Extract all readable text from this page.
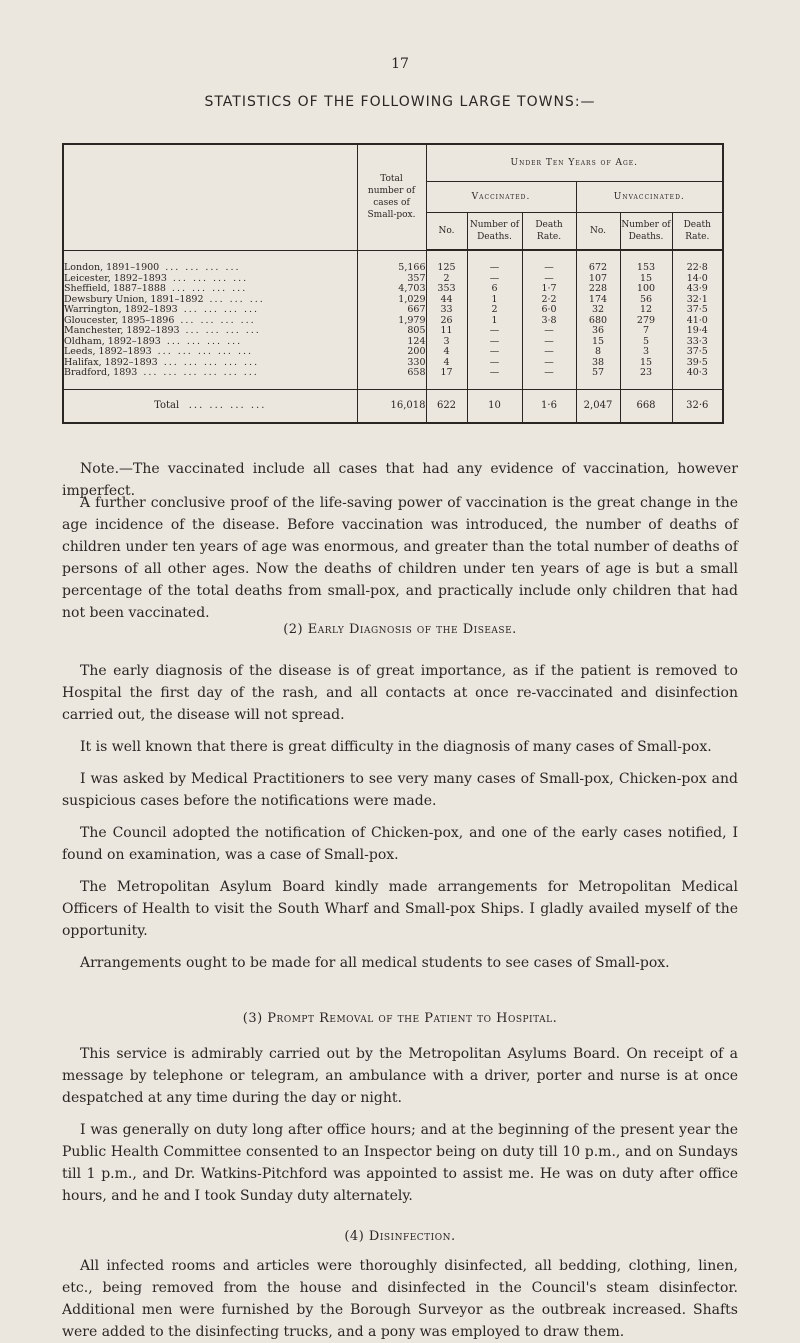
17
STATISTICS OF THE FOLLOWING LARGE TOWNS:—
	Total number of cases of Small-pox.	Under Ten Years of Age.					
		Vaccinated.			Unvaccinated.		
		No.	Number of Deaths.	Death Rate.	No.	Number of Deaths.	Death Rate.
London, 1891–1900 ... ... ... ...	5,166	125	—	—	672	153	22·8
Leicester, 1892–1893 ... ... ... ...	357	2	—	—	107	15	14·0
Sheffield, 1887–1888 ... ... ... ...	4,703	353	6	1·7	228	100	43·9
Dewsbury Union, 1891–1892 ... ... ...	1,029	44	1	2·2	174	56	32·1
Warrington, 1892–1893 ... ... ... ...	667	33	2	6·0	32	12	37·5
Gloucester, 1895–1896 ... ... ... ...	1,979	26	1	3·8	680	279	41·0
Manchester, 1892–1893 ... ... ... ...	805	11	—	—	36	7	19·4
Oldham, 1892–1893 ... ... ... ...	124	3	—	—	15	5	33·3
Leeds, 1892–1893 ... ... ... ... ...	200	4	—	—	8	3	37·5
Halifax, 1892–1893 ... ... ... ... ...	330	4	—	—	38	15	39·5
Bradford, 1893 ... ... ... ... ... ...	658	17	—	—	57	23	40·3
Total ... ... ... ...	16,018	622	10	1·6	2,047	668	32·6

Note.—The vaccinated include all cases that had any evidence of vaccination, however imperfect.

A further conclusive proof of the life-saving power of vaccination is the great change in the age incidence of the disease. Before vaccination was introduced, the number of deaths of children under ten years of age was enormous, and greater than the total number of deaths of persons of all other ages. Now the deaths of children under ten years of age is but a small percentage of the total deaths from small-pox, and practically include only children that had not been vaccinated.

(2) Early Diagnosis of the Disease.

The early diagnosis of the disease is of great importance, as if the patient is removed to Hospital the first day of the rash, and all contacts at once re-vaccinated and disinfection carried out, the disease will not spread.

It is well known that there is great difficulty in the diagnosis of many cases of Small-pox.

I was asked by Medical Practitioners to see very many cases of Small-pox, Chicken-pox and suspicious cases before the notifications were made.

The Council adopted the notification of Chicken-pox, and one of the early cases notified, I found on examination, was a case of Small-pox.

The Metropolitan Asylum Board kindly made arrangements for Metropolitan Medical Officers of Health to visit the South Wharf and Small-pox Ships. I gladly availed myself of the opportunity.

Arrangements ought to be made for all medical students to see cases of Small-pox.

(3) Prompt Removal of the Patient to Hospital.

This service is admirably carried out by the Metropolitan Asylums Board. On receipt of a message by telephone or telegram, an ambulance with a driver, porter and nurse is at once despatched at any time during the day or night.

I was generally on duty long after office hours; and at the beginning of the present year the Public Health Committee consented to an Inspector being on duty till 10 p.m., and on Sundays till 1 p.m., and Dr. Watkins-Pitchford was appointed to assist me. He was on duty after office hours, and he and I took Sunday duty alternately.

(4) Disinfection.

All infected rooms and articles were thoroughly disinfected, all bedding, clothing, linen, etc., being removed from the house and disinfected in the Council's steam disinfector. Additional men were furnished by the Borough Surveyor as the outbreak increased. Shafts were added to the disinfecting trucks, and a pony was employed to draw them.
